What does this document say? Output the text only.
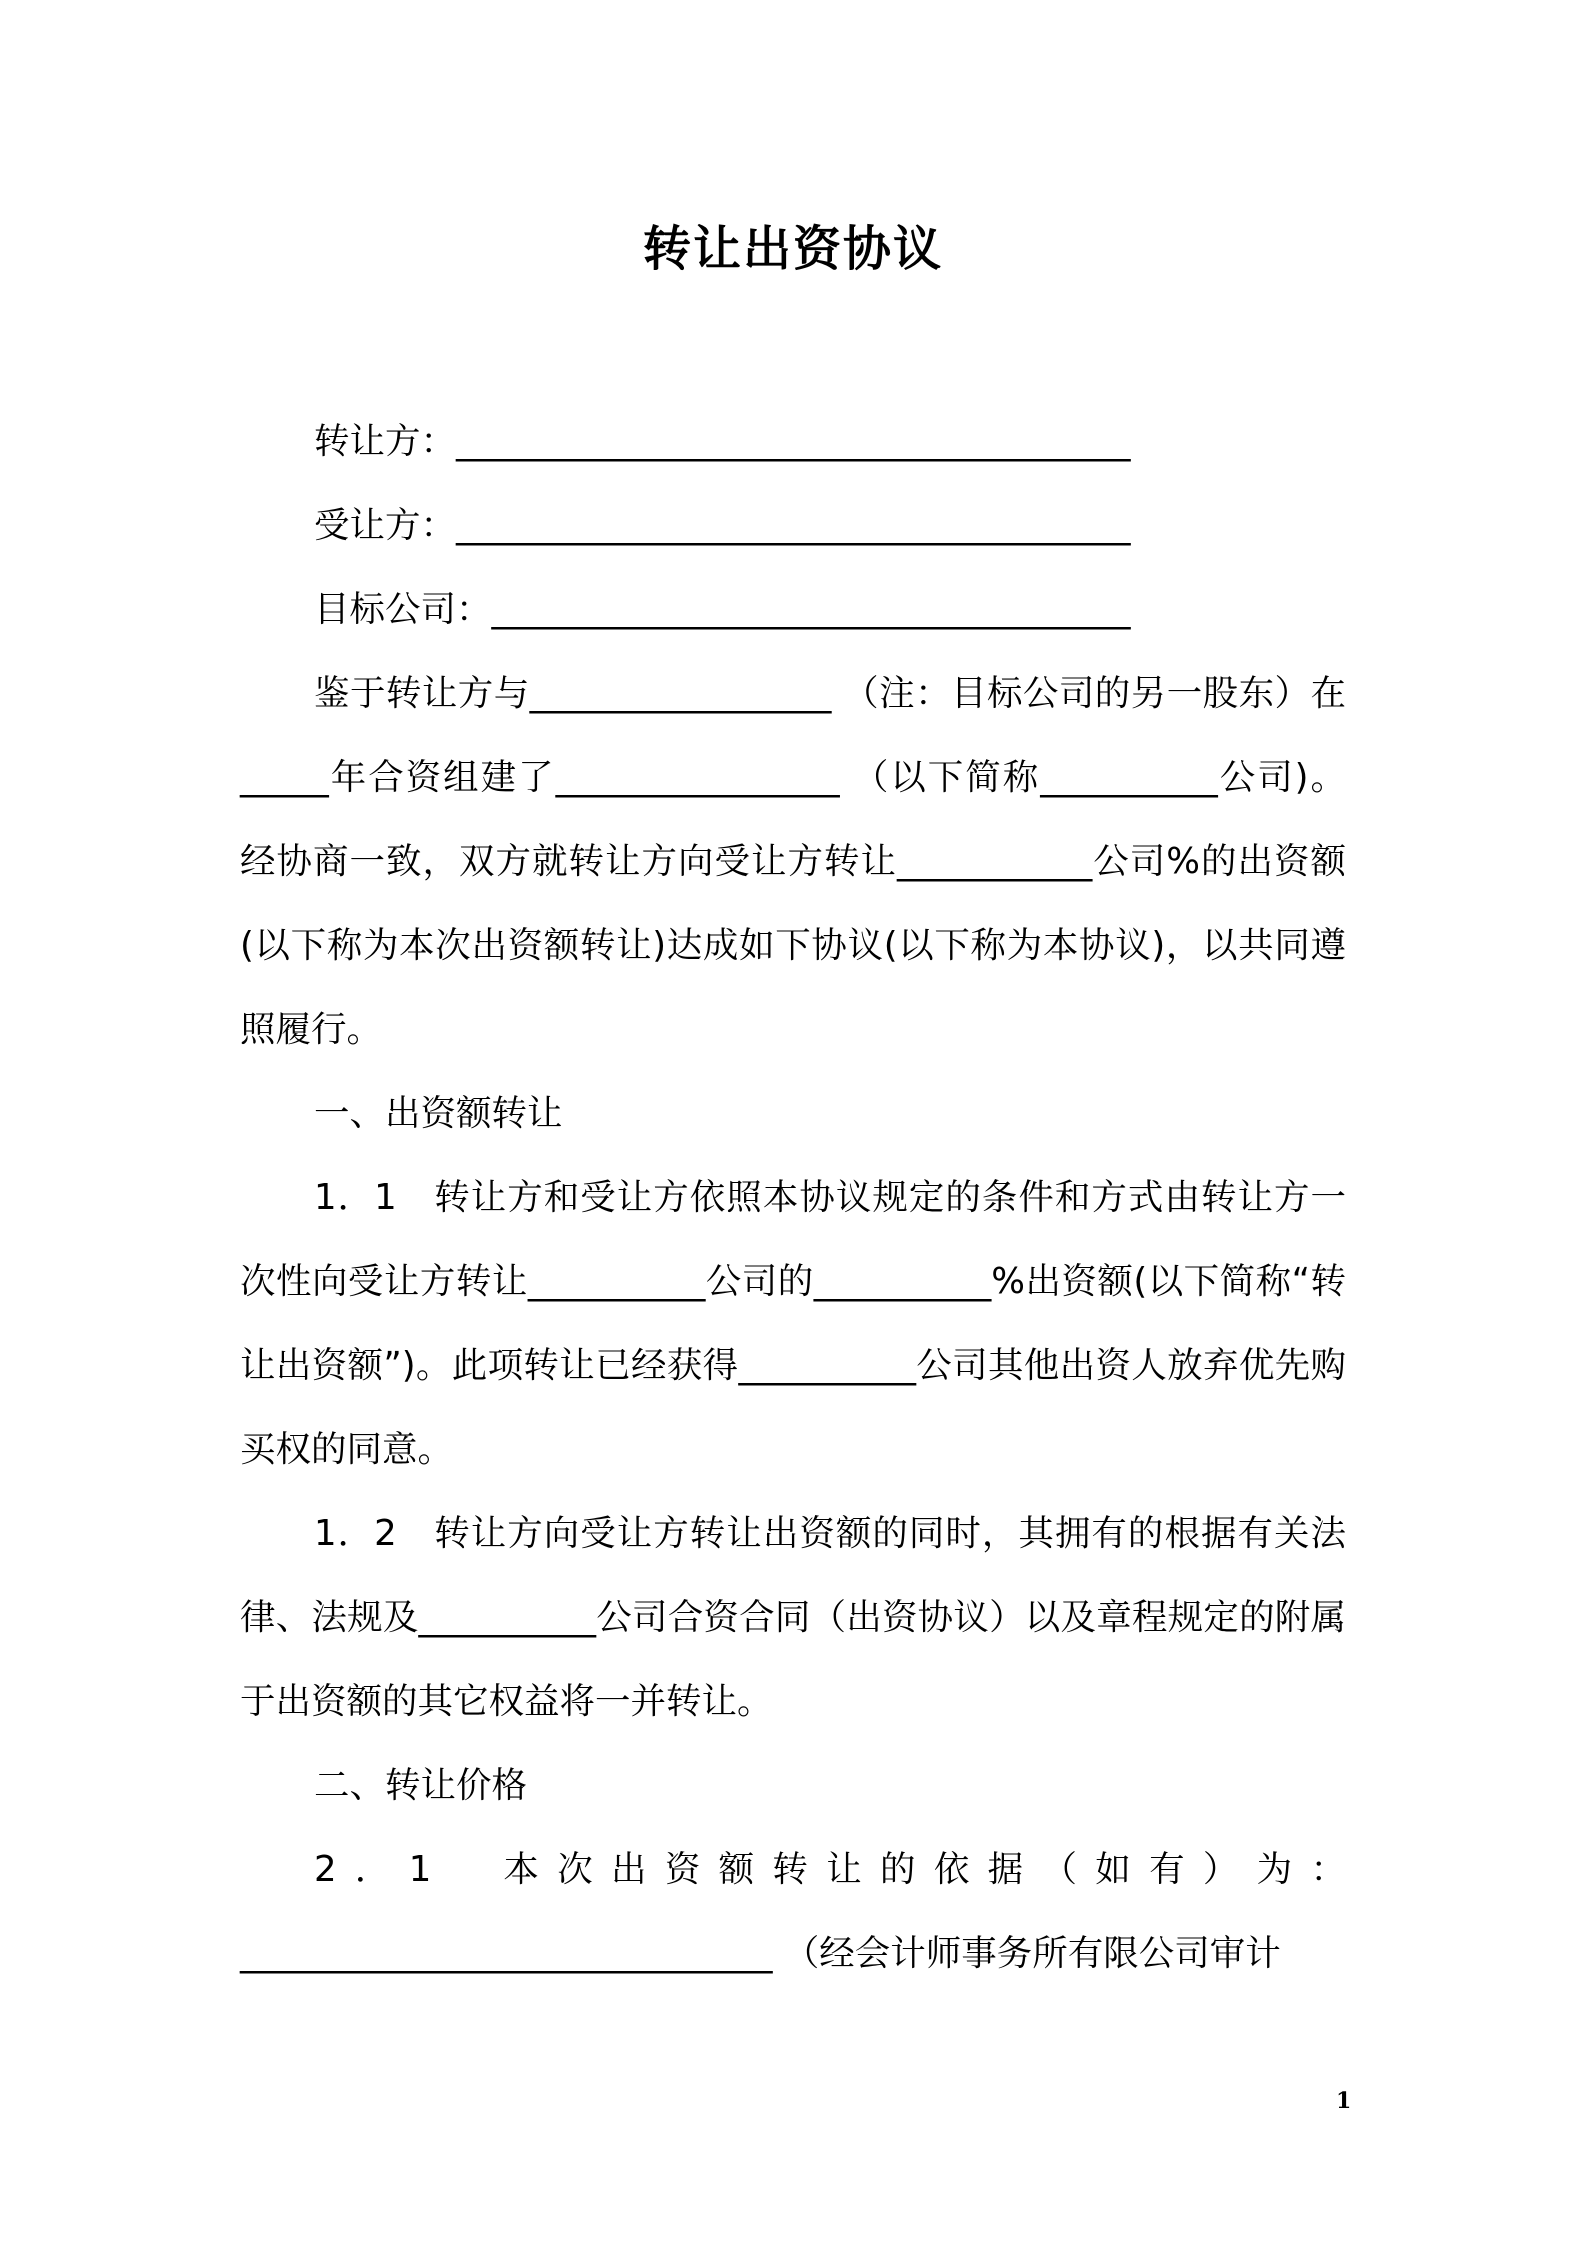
转让出资协议

转让方：______________________________________

受让方：______________________________________

目标公司：____________________________________

鉴于转让方与_________________ （注：目标公司的另一股东）在_____年合资组建了________________ （以下简称__________公司)。经协商一致，双方就转让方向受让方转让___________公司%的出资额(以下称为本次出资额转让)达成如下协议(以下称为本协议)，以共同遵照履行。

一、出资额转让

1．1　转让方和受让方依照本协议规定的条件和方式由转让方一次性向受让方转让__________公司的__________%出资额(以下简称“转让出资额”)。此项转让已经获得__________公司其他出资人放弃优先购买权的同意。

1．2　转让方向受让方转让出资额的同时，其拥有的根据有关法律、法规及__________公司合资合同（出资协议）以及章程规定的附属于出资额的其它权益将一并转让。

二、转让价格

2．1　本次出资额转让的依据（如有）为：______________________________ （经会计师事务所有限公司审计

1
